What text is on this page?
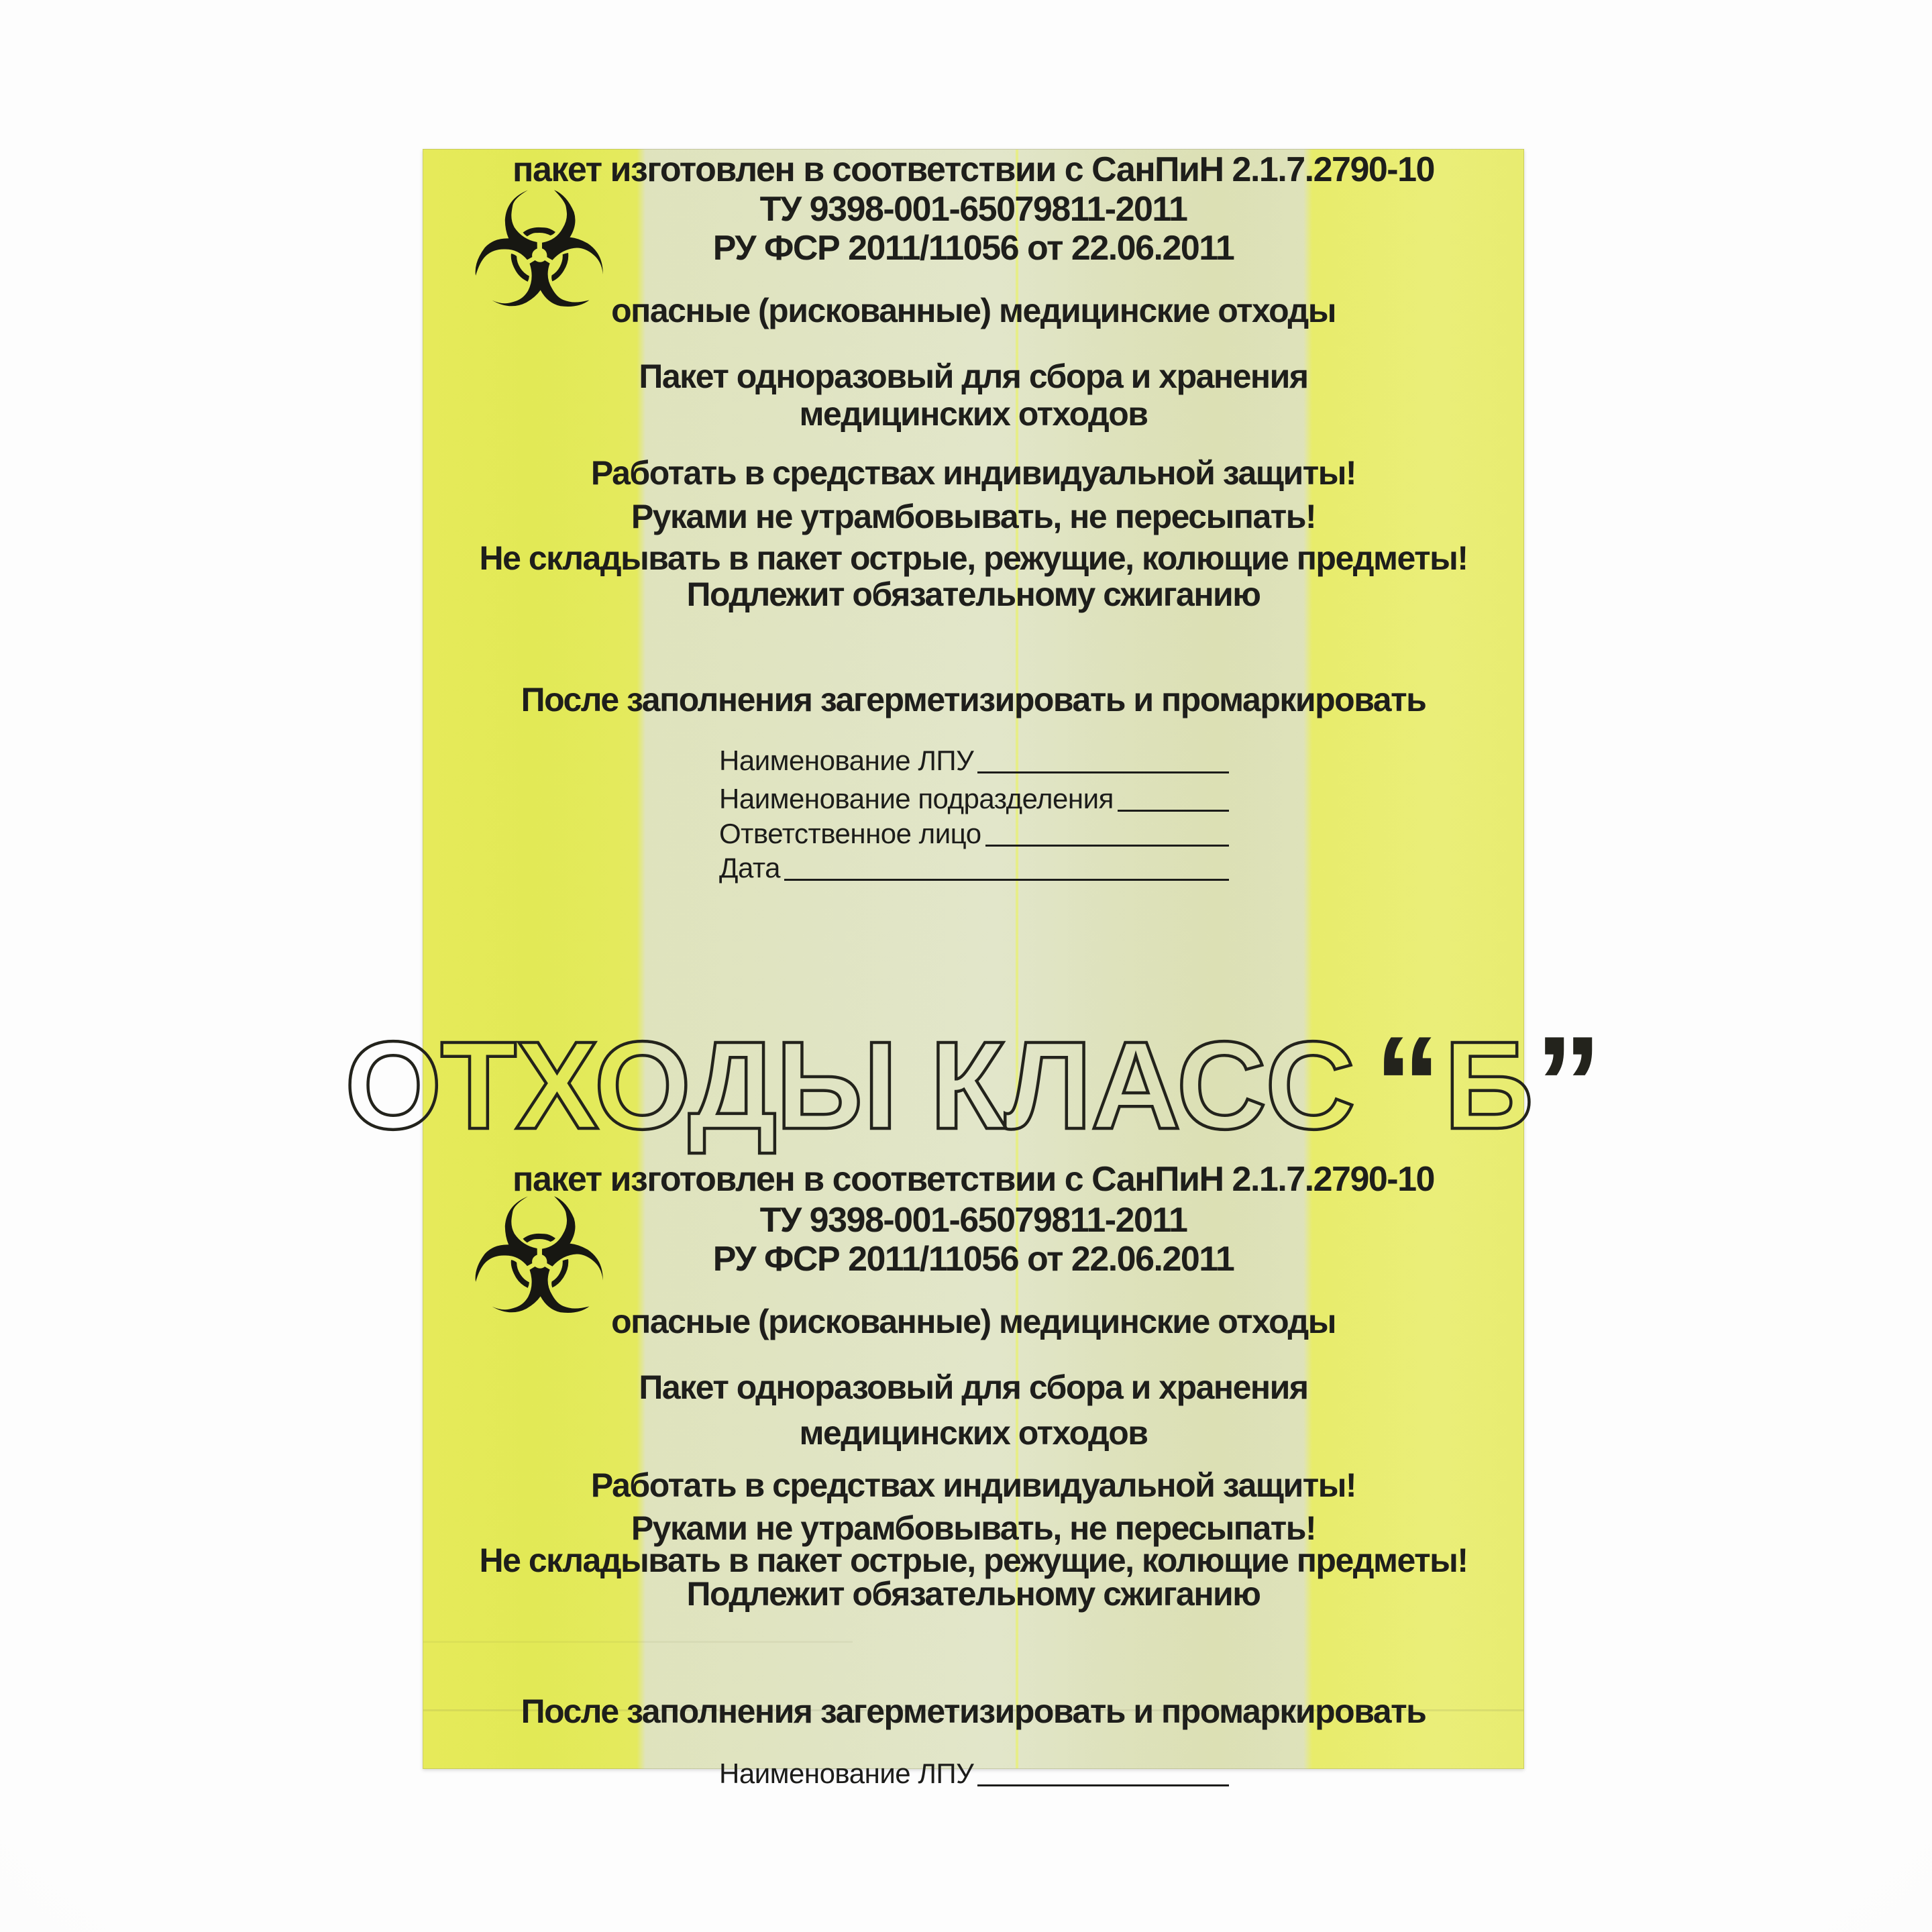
☣
пакет изготовлен в соответствии с СанПиН 2.1.7.2790-10
ТУ 9398-001-65079811-2011
РУ ФСР 2011/11056 от 22.06.2011
опасные (рискованные) медицинские отходы
Пакет одноразовый для сбора и хранения
медицинских отходов
Работать в средствах индивидуальной защиты!
Руками не утрамбовывать, не пересыпать!
Не складывать в пакет острые, режущие, колющие предметы!
Подлежит обязательному сжиганию
После заполнения загерметизировать и промаркировать
Наименование ЛПУ
Наименование подразделения
Ответственное лицо
Дата
ОТХОДЫ КЛАСС “ Б ”
☣
пакет изготовлен в соответствии с СанПиН 2.1.7.2790-10
ТУ 9398-001-65079811-2011
РУ ФСР 2011/11056 от 22.06.2011
опасные (рискованные) медицинские отходы
Пакет одноразовый для сбора и хранения
медицинских отходов
Работать в средствах индивидуальной защиты!
Руками не утрамбовывать, не пересыпать!
Не складывать в пакет острые, режущие, колющие предметы!
Подлежит обязательному сжиганию
После заполнения загерметизировать и промаркировать
Наименование ЛПУ
